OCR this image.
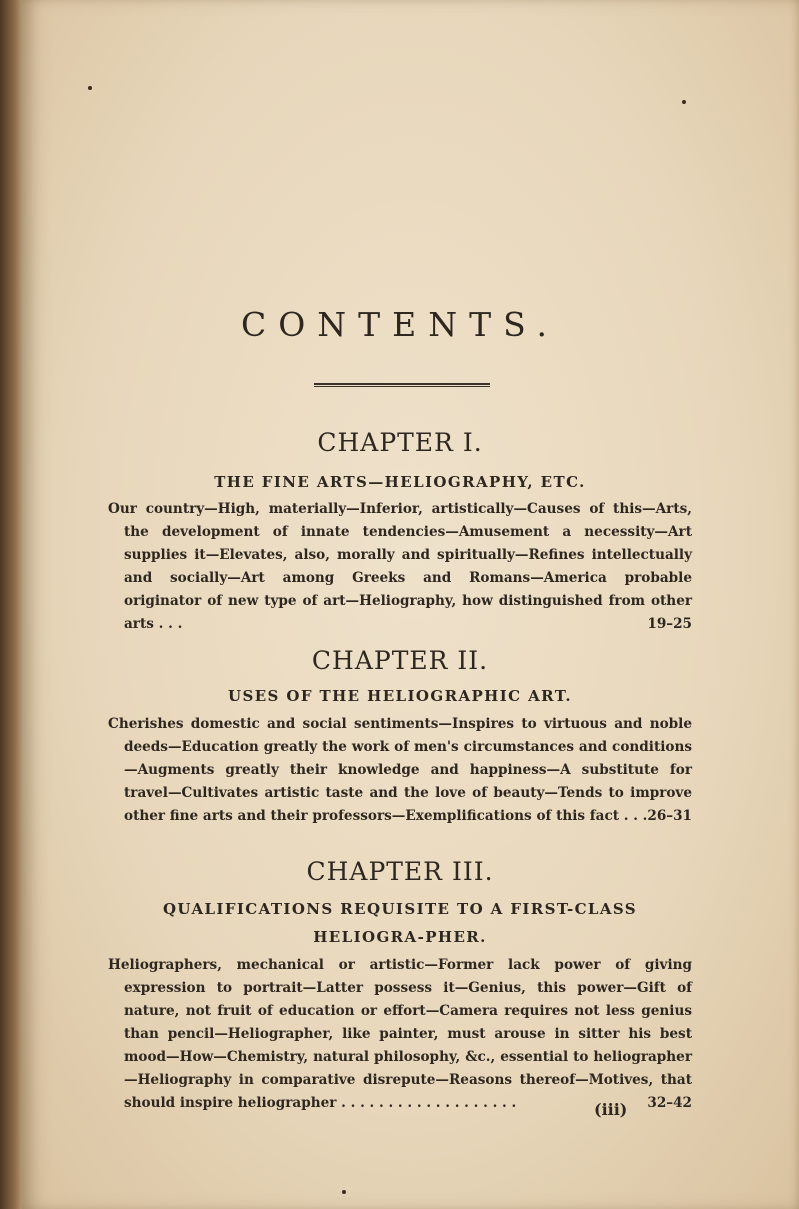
CONTENTS.
CHAPTER I.

THE FINE ARTS—HELIOGRAPHY, ETC.

Our country—High, materially—Inferior, artistically—Causes of this—Arts, the development of innate tendencies—Amusement a necessity—Art supplies it—Elevates, also, morally and spiritually—Refines intellectually and socially—Art among Greeks and Romans—America probable originator of new type of art—Heliography, how distinguished from other arts . . .	19–25
CHAPTER II.

USES OF THE HELIOGRAPHIC ART.

Cherishes domestic and social sentiments—Inspires to virtuous and noble deeds—Education greatly the work of men's circumstances and conditions—Augments greatly their knowledge and happiness—A substitute for travel—Cultivates artistic taste and the love of beauty—Tends to improve other fine arts and their professors—Exemplifications of this fact . . . 26–31
CHAPTER III.

QUALIFICATIONS REQUISITE TO A FIRST-CLASS HELIOGRA-PHER.

Heliographers, mechanical or artistic—Former lack power of giving expression to portrait—Latter possess it—Genius, this power—Gift of nature, not fruit of education or effort—Camera requires not less genius than pencil—Heliographer, like painter, must arouse in sitter his best mood—How—Chemistry, natural philosophy, &c., essential to heliographer—Heliography in comparative disrepute—Reasons thereof—Motives, that should inspire heliographer . . . . . . . . . . . . . . . . . . .	32–42
(iii)
